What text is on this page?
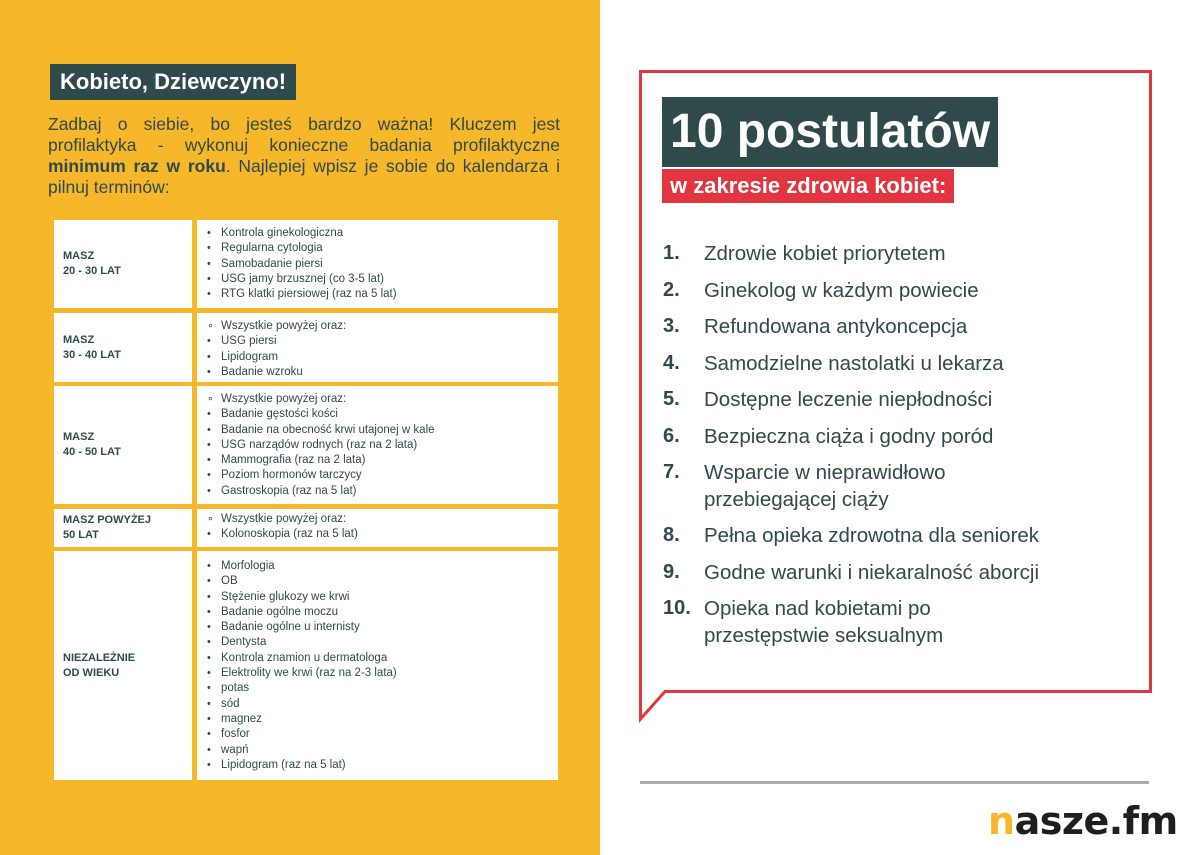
Kobieto, Dziewczyno!
Zadbaj o siebie, bo jesteś bardzo ważna! Kluczem jest profilaktyka - wykonuj konieczne badania profilaktyczne minimum raz w roku. Najlepiej wpisz je sobie do kalendarza i pilnuj terminów:
MASZ
20 - 30 LAT
• Kontrola ginekologiczna
• Regularna cytologia
• Samobadanie piersi
• USG jamy brzusznej (co 3-5 lat)
• RTG klatki piersiowej (raz na 5 lat)
MASZ
30 - 40 LAT
∘ Wszystkie powyżej oraz:
• USG piersi
• Lipidogram
• Badanie wzroku
MASZ
40 - 50 LAT
∘ Wszystkie powyżej oraz:
• Badanie gęstości kości
• Badanie na obecność krwi utajonej w kale
• USG narządów rodnych (raz na 2 lata)
• Mammografia (raz na 2 lata)
• Poziom hormonów tarczycy
• Gastroskopia (raz na 5 lat)
MASZ POWYŻEJ
50 LAT
∘ Wszystkie powyżej oraz:
• Kolonoskopia (raz na 5 lat)
NIEZALEŻNIE
OD WIEKU
• Morfologia
• OB
• Stężenie glukozy we krwi
• Badanie ogólne moczu
• Badanie ogólne u internisty
• Dentysta
• Kontrola znamion u dermatologa
• Elektrolity we krwi (raz na 2-3 lata)
• potas
• sód
• magnez
• fosfor
• wapń
• Lipidogram (raz na 5 lat)
10 postulatów
w zakresie zdrowia kobiet:
1.	Zdrowie kobiet priorytetem
2.	Ginekolog w każdym powiecie
3.	Refundowana antykoncepcja
4.	Samodzielne nastolatki u lekarza
5.	Dostępne leczenie niepłodności
6.	Bezpieczna ciąża i godny poród
7.	Wsparcie w nieprawidłowo przebiegającej ciąży
8.	Pełna opieka zdrowotna dla seniorek
9.	Godne warunki i niekaralność aborcji
10. Opieka nad kobietami po przestępstwie seksualnym
nasze.fm
